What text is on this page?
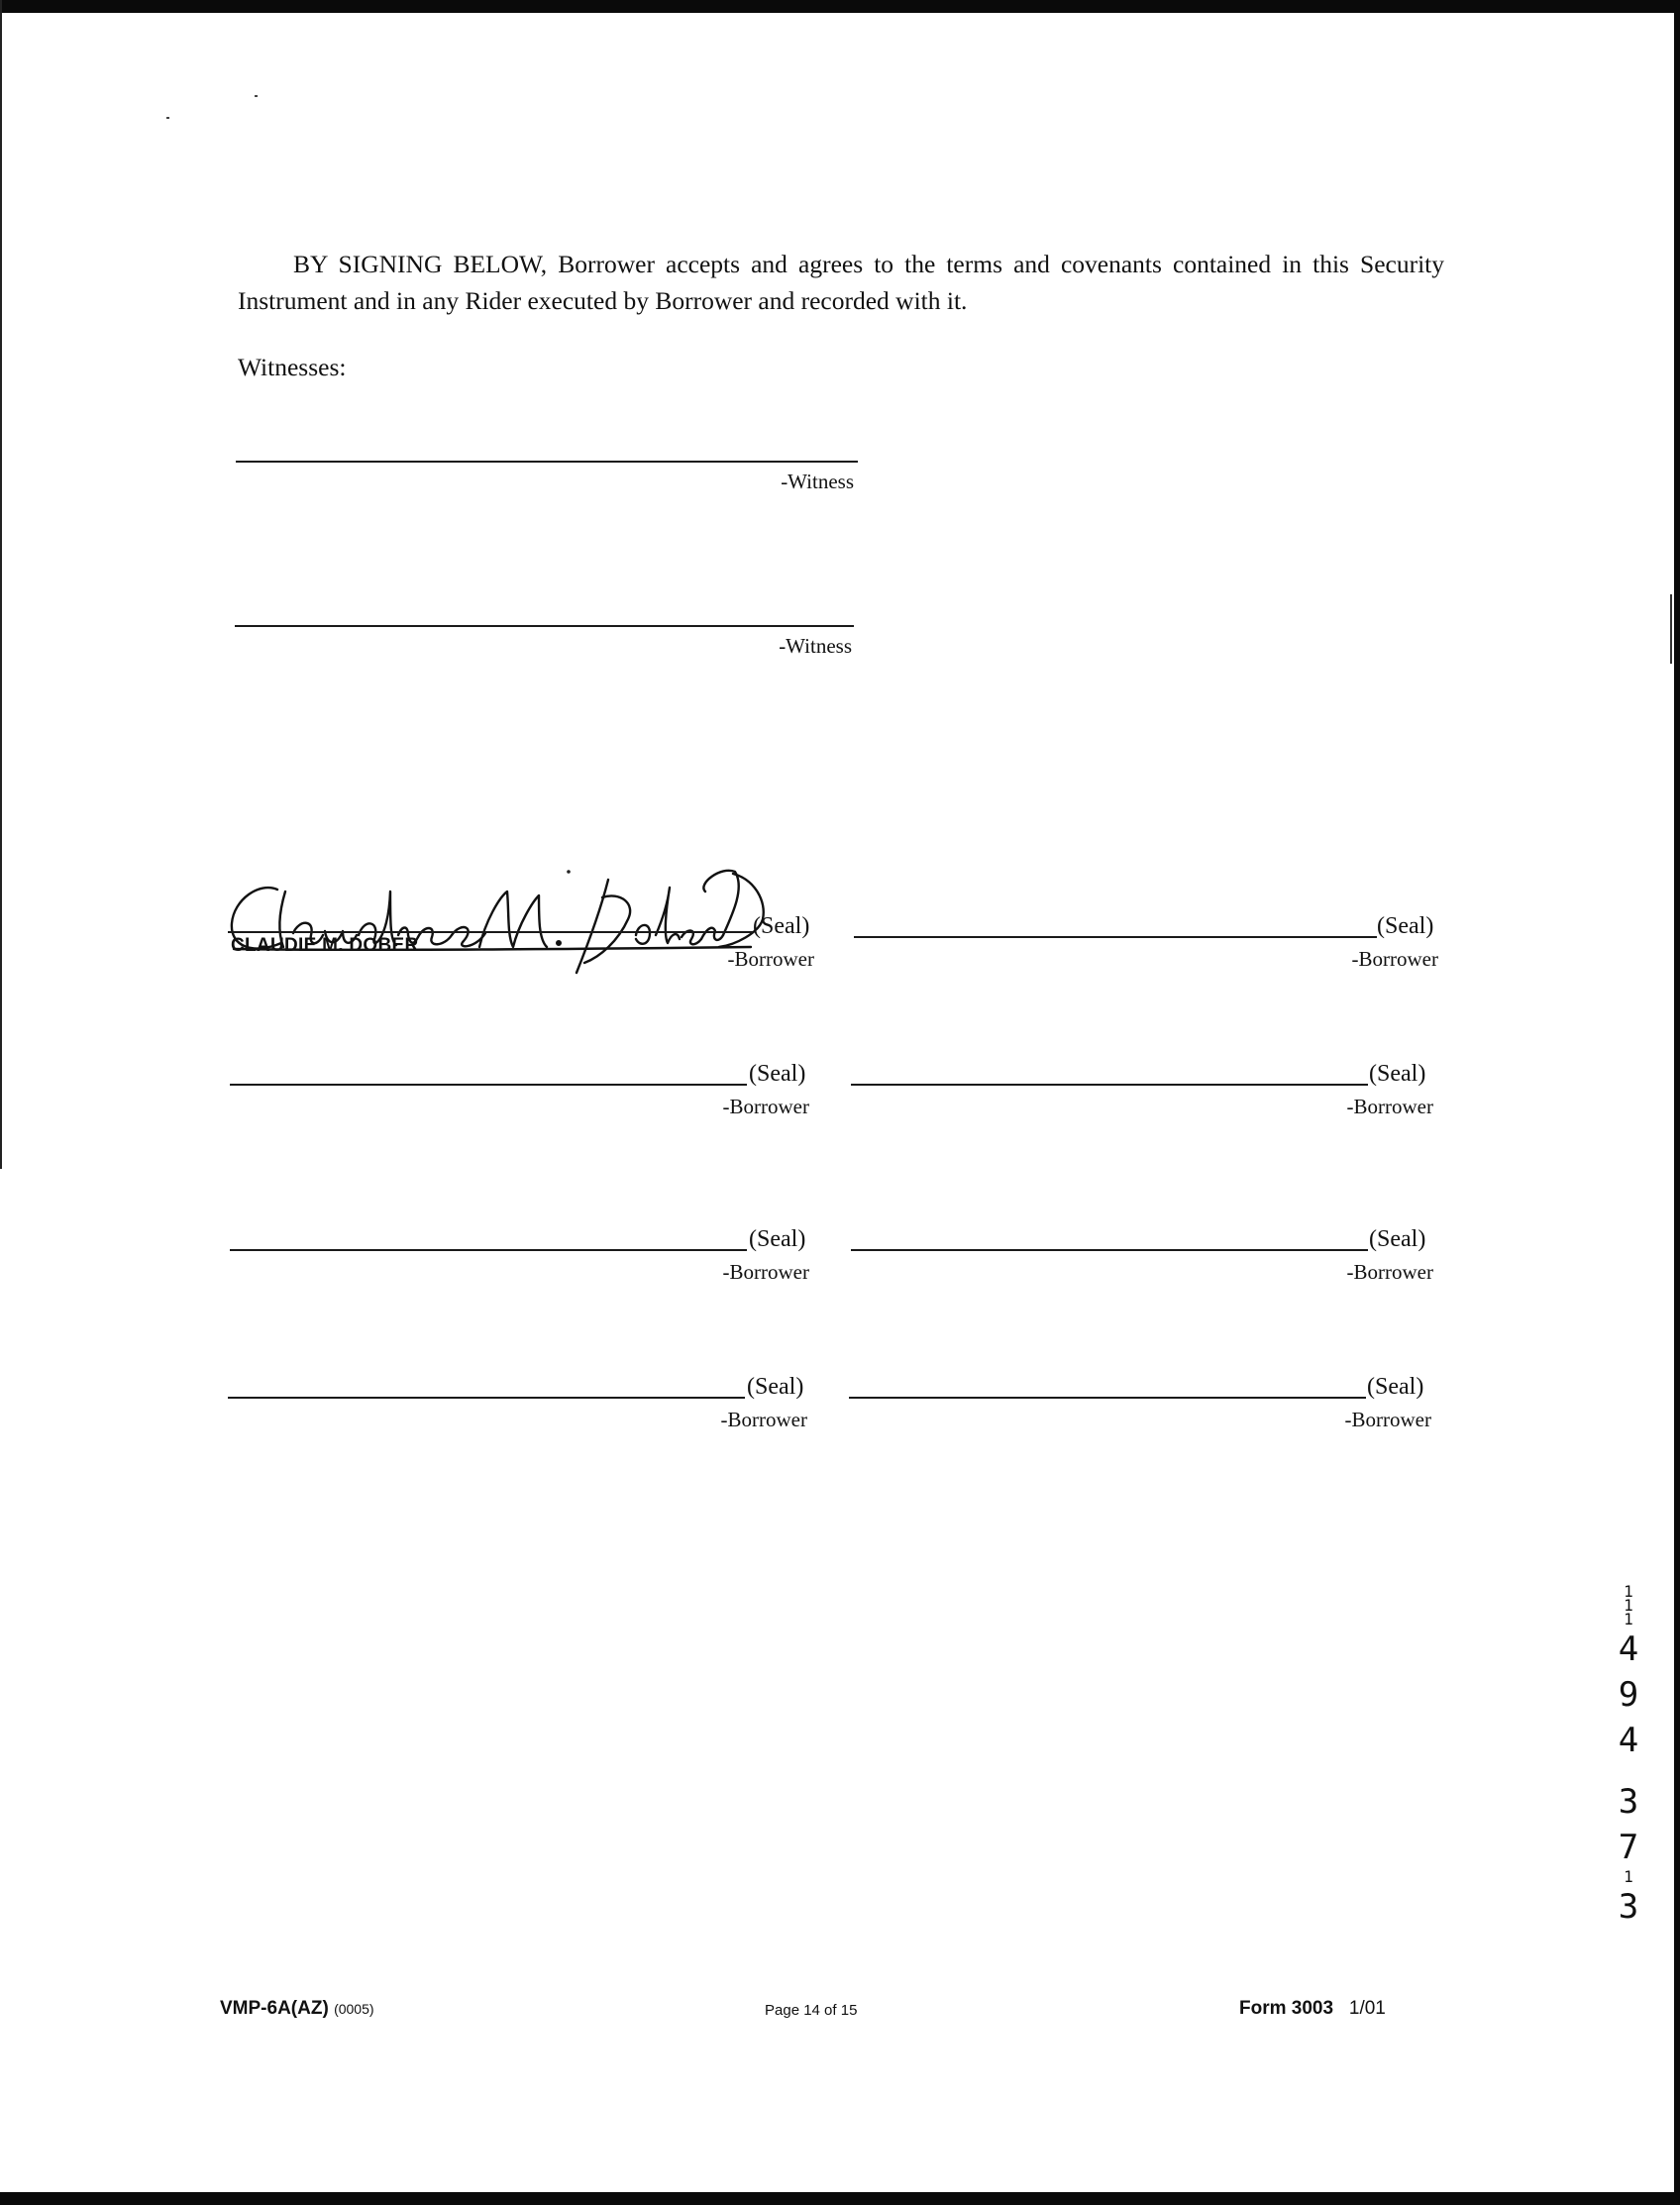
BY SIGNING BELOW, Borrower accepts and agrees to the terms and covenants contained in this Security Instrument and in any Rider executed by Borrower and recorded with it.

Witnesses:
-Witness
-Witness
(Seal)
CLAUDIE M. DOBER
-Borrower
(Seal)
-Borrower
(Seal)
-Borrower
(Seal)
-Borrower
(Seal)
-Borrower
(Seal)
-Borrower
(Seal)
-Borrower
(Seal)
-Borrower
1
1
1
4
9
4
3
7
1
3
VMP-6A(AZ) (0005)	Page 14 of 15	Form 3003 1/01
